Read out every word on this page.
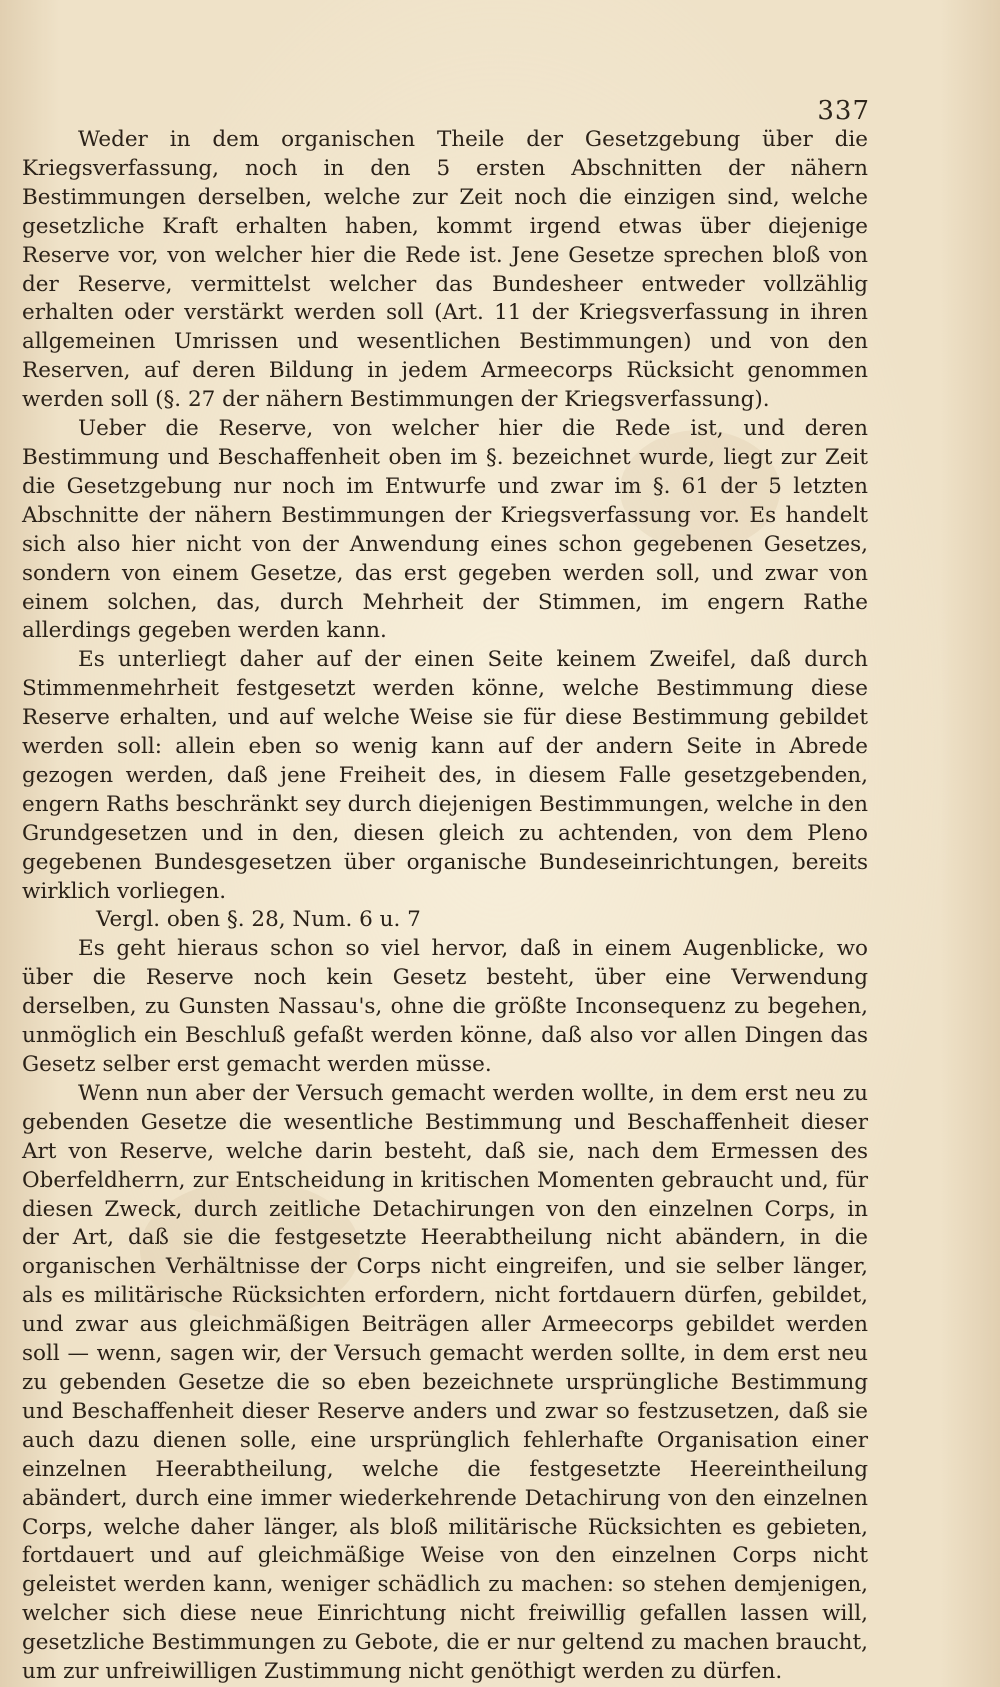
337

Weder in dem organischen Theile der Gesetzgebung über die Kriegsverfassung, noch in den 5 ersten Abschnitten der nähern Bestimmungen derselben, welche zur Zeit noch die einzigen sind, welche gesetzliche Kraft erhalten haben, kommt irgend etwas über diejenige Reserve vor, von welcher hier die Rede ist. Jene Gesetze sprechen bloß von der Reserve, vermittelst welcher das Bundesheer entweder vollzählig erhalten oder verstärkt werden soll (Art. 11 der Kriegsverfassung in ihren allgemeinen Umrissen und wesentlichen Bestimmungen) und von den Reserven, auf deren Bildung in jedem Armeecorps Rücksicht genommen werden soll (§. 27 der nähern Bestimmungen der Kriegsverfassung).

Ueber die Reserve, von welcher hier die Rede ist, und deren Bestimmung und Beschaffenheit oben im §. bezeichnet wurde, liegt zur Zeit die Gesetzgebung nur noch im Entwurfe und zwar im §. 61 der 5 letzten Abschnitte der nähern Bestimmungen der Kriegsverfassung vor. Es handelt sich also hier nicht von der Anwendung eines schon gegebenen Gesetzes, sondern von einem Gesetze, das erst gegeben werden soll, und zwar von einem solchen, das, durch Mehrheit der Stimmen, im engern Rathe allerdings gegeben werden kann.

Es unterliegt daher auf der einen Seite keinem Zweifel, daß durch Stimmenmehrheit festgesetzt werden könne, welche Bestimmung diese Reserve erhalten, und auf welche Weise sie für diese Bestimmung gebildet werden soll: allein eben so wenig kann auf der andern Seite in Abrede gezogen werden, daß jene Freiheit des, in diesem Falle gesetzgebenden, engern Raths beschränkt sey durch diejenigen Bestimmungen, welche in den Grundgesetzen und in den, diesen gleich zu achtenden, von dem Pleno gegebenen Bundesgesetzen über organische Bundeseinrichtungen, bereits wirklich vorliegen.

Vergl. oben §. 28, Num. 6 u. 7

Es geht hieraus schon so viel hervor, daß in einem Augenblicke, wo über die Reserve noch kein Gesetz besteht, über eine Verwendung derselben, zu Gunsten Nassau's, ohne die größte Inconsequenz zu begehen, unmöglich ein Beschluß gefaßt werden könne, daß also vor allen Dingen das Gesetz selber erst gemacht werden müsse.

Wenn nun aber der Versuch gemacht werden wollte, in dem erst neu zu gebenden Gesetze die wesentliche Bestimmung und Beschaffenheit dieser Art von Reserve, welche darin besteht, daß sie, nach dem Ermessen des Oberfeldherrn, zur Entscheidung in kritischen Momenten gebraucht und, für diesen Zweck, durch zeitliche Detachirungen von den einzelnen Corps, in der Art, daß sie die festgesetzte Heerabtheilung nicht abändern, in die organischen Verhältnisse der Corps nicht eingreifen, und sie selber länger, als es militärische Rücksichten erfordern, nicht fortdauern dürfen, gebildet, und zwar aus gleichmäßigen Beiträgen aller Armeecorps gebildet werden soll — wenn, sagen wir, der Versuch gemacht werden sollte, in dem erst neu zu gebenden Gesetze die so eben bezeichnete ursprüngliche Bestimmung und Beschaffenheit dieser Reserve anders und zwar so festzusetzen, daß sie auch dazu dienen solle, eine ursprünglich fehlerhafte Organisation einer einzelnen Heerabtheilung, welche die festgesetzte Heereintheilung abändert, durch eine immer wiederkehrende Detachirung von den einzelnen Corps, welche daher länger, als bloß militärische Rücksichten es gebieten, fortdauert und auf gleichmäßige Weise von den einzelnen Corps nicht geleistet werden kann, weniger schädlich zu machen: so stehen demjenigen, welcher sich diese neue Einrichtung nicht freiwillig gefallen lassen will, gesetzliche Bestimmungen zu Gebote, die er nur geltend zu machen braucht, um zur unfreiwilligen Zustimmung nicht genöthigt werden zu dürfen.
